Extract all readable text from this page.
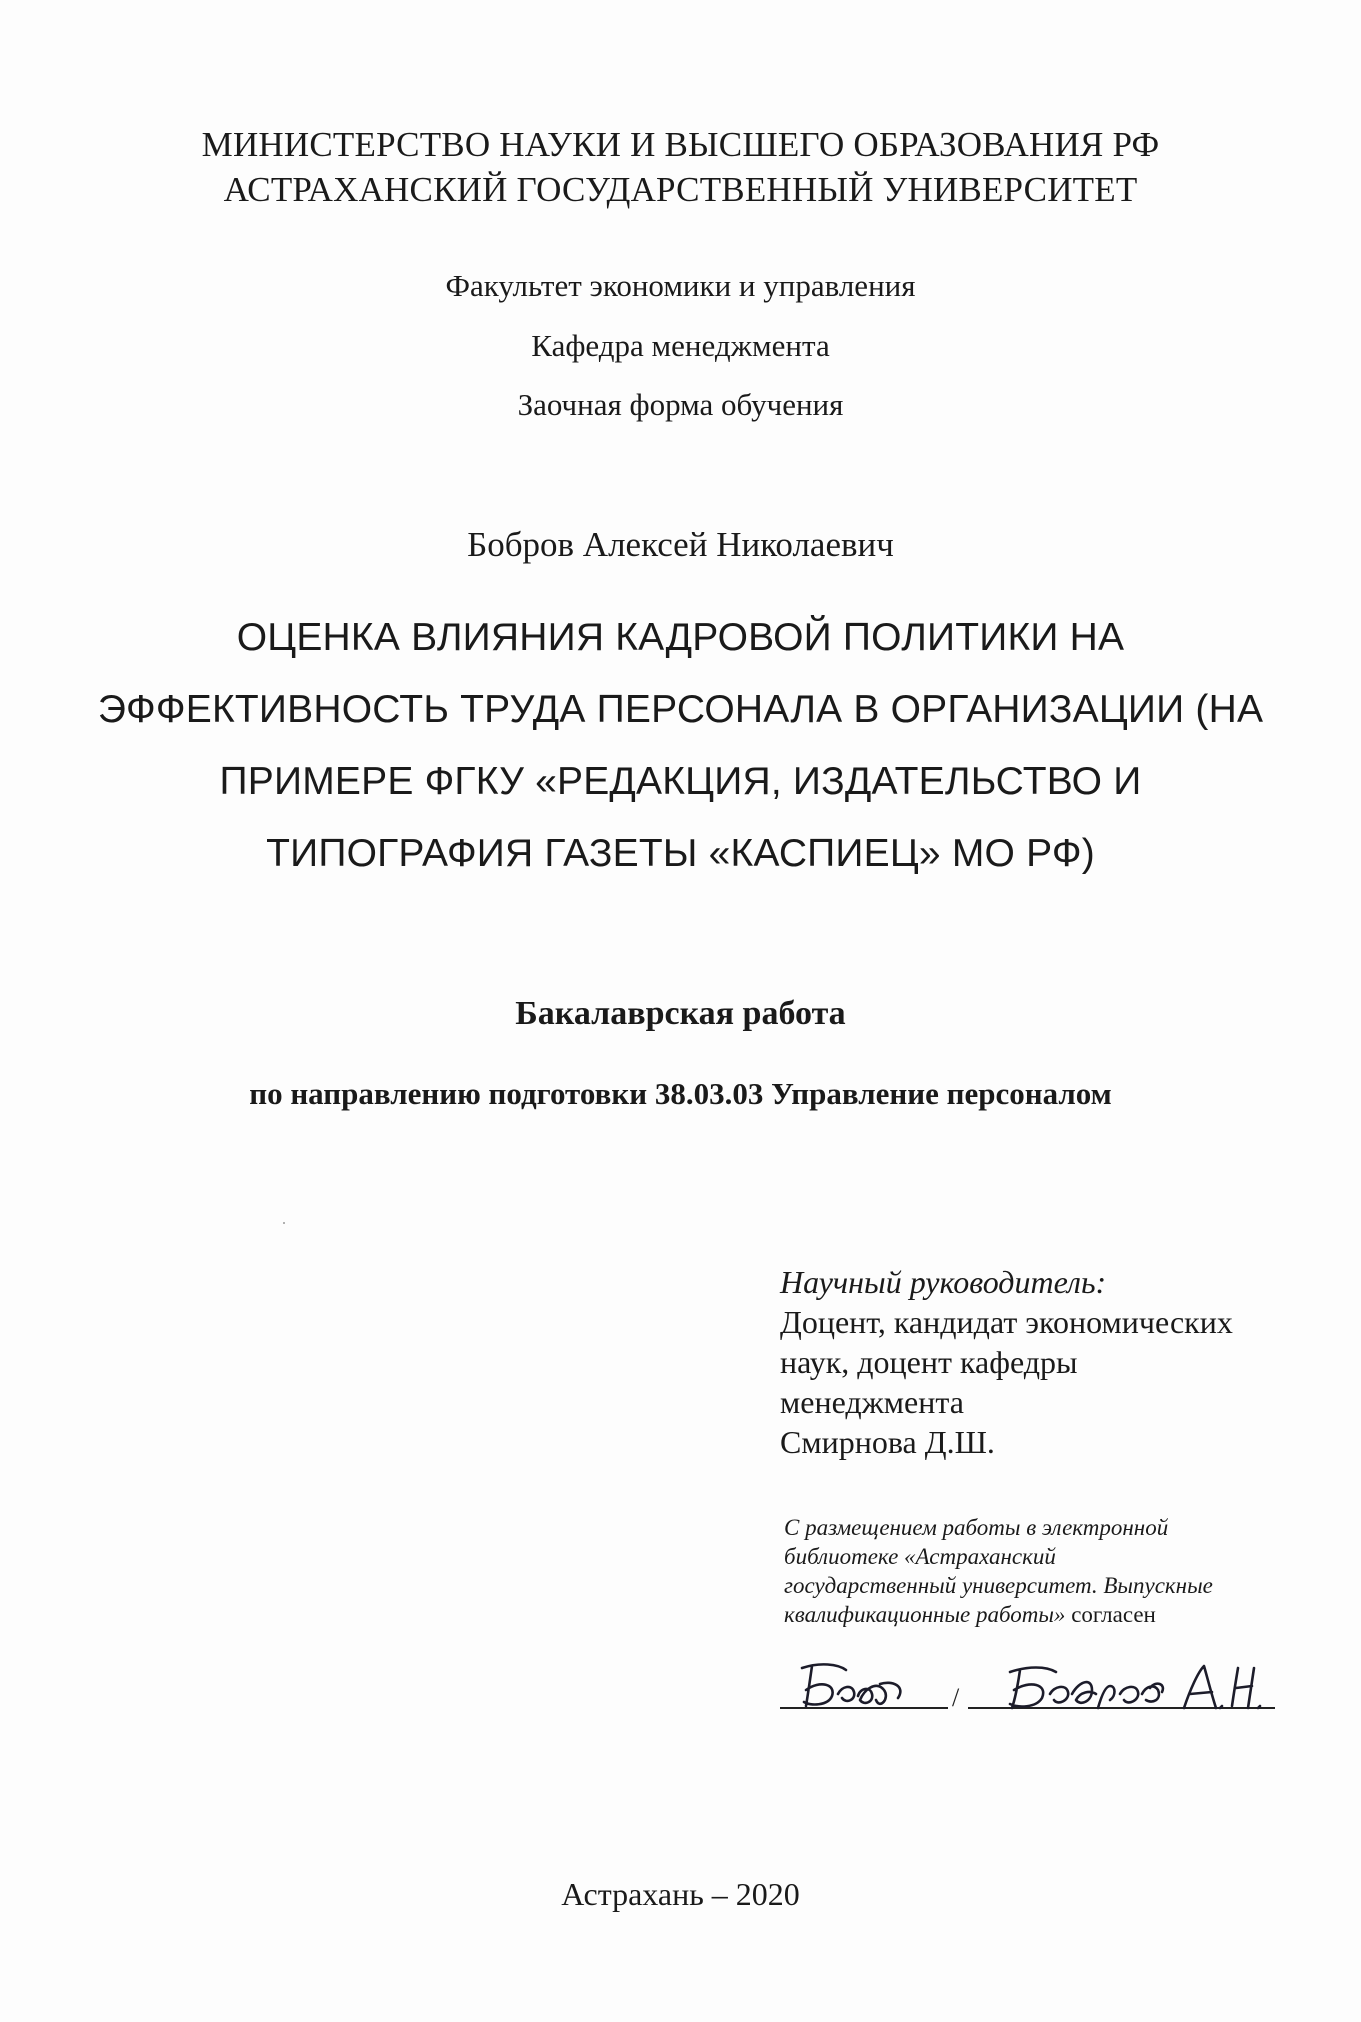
МИНИСТЕРСТВО НАУКИ И ВЫСШЕГО ОБРАЗОВАНИЯ РФ
АСТРАХАНСКИЙ ГОСУДАРСТВЕННЫЙ УНИВЕРСИТЕТ
Факультет экономики и управления
Кафедра менеджмента
Заочная форма обучения
Бобров Алексей Николаевич
ОЦЕНКА ВЛИЯНИЯ КАДРОВОЙ ПОЛИТИКИ НА
ЭФФЕКТИВНОСТЬ ТРУДА ПЕРСОНАЛА В ОРГАНИЗАЦИИ (НА
ПРИМЕРЕ ФГКУ «РЕДАКЦИЯ, ИЗДАТЕЛЬСТВО И
ТИПОГРАФИЯ ГАЗЕТЫ «КАСПИЕЦ» МО РФ)
Бакалаврская работа
по направлению подготовки 38.03.03 Управление персоналом
Научный руководитель:
Доцент, кандидат экономических
наук, доцент кафедры
менеджмента
Смирнова Д.Ш.
С размещением работы в электронной
библиотеке «Астраханский
государственный университет. Выпускные
квалификационные работы» согласен
/
Астрахань – 2020
